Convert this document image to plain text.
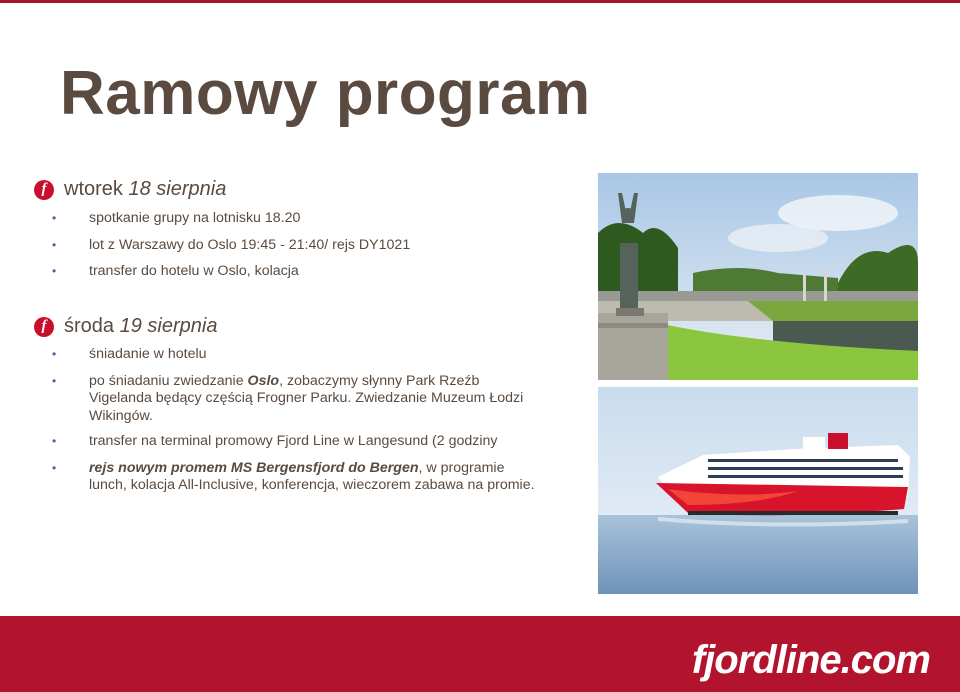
Ramowy program
f wtorek 18 sierpnia
• spotkanie grupy na lotnisku 18.20
• lot z Warszawy do Oslo 19:45 - 21:40/ rejs DY1021
• transfer do hotelu w Oslo, kolacja
f środa 19 sierpnia
• śniadanie w hotelu
• po śniadaniu zwiedzanie Oslo, zobaczymy słynny Park Rzeźb Vigelanda będący częścią Frogner Parku. Zwiedzanie Muzeum Łodzi Wikingów.
• transfer na terminal promowy Fjord Line w Langesund (2 godziny
• rejs nowym promem MS Bergensfjord do Bergen, w programie lunch, kolacja All-Inclusive, konferencja, wieczorem zabawa na promie.
fjordline.com
